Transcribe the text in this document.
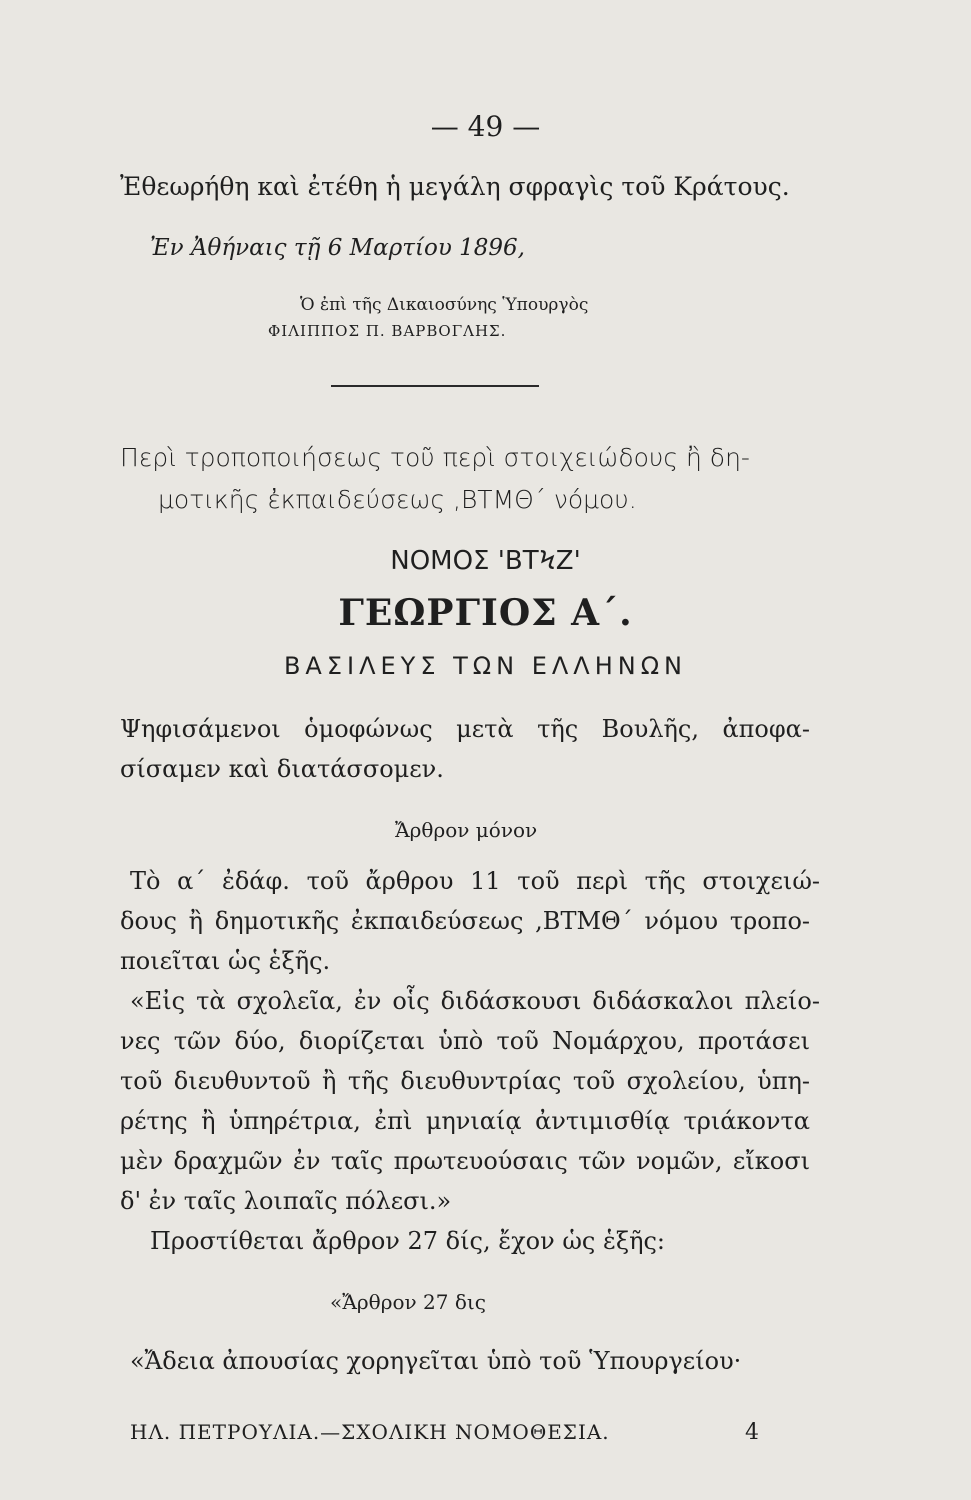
— 49 —
Ἐθεωρήθη καὶ ἐτέθη ἡ μεγάλη σφραγὶς τοῦ Κράτους.
Ἐν Ἀθήναις τῇ 6 Μαρτίου 1896,
Ὁ ἐπὶ τῆς Δικαιοσύνης Ὑπουργὸς
ΦΙΛΙΠΠΟΣ Π. ΒΑΡΒΟΓΛΗΣ.
Περὶ τροποποιήσεως τοῦ περὶ στοιχειώδους ἢ δη-
μοτικῆς ἐκπαιδεύσεως ,ΒΤΜΘ΄ νόμου.
ΝΟΜΟΣ 'ΒΤϞΖ'
ΓΕΩΡΓΙΟΣ Α΄.
ΒΑΣΙΛΕΥΣ ΤΩΝ ΕΛΛΗΝΩΝ
Ψηφισάμενοι ὁμοφώνως μετὰ τῆς Βουλῆς, ἀποφα-
σίσαμεν καὶ διατάσσομεν.
Ἄρθρον μόνον
Τὸ α΄ ἐδάφ. τοῦ ἄρθρου 11 τοῦ περὶ τῆς στοιχειώ-
δους ἢ δημοτικῆς ἐκπαιδεύσεως ,ΒΤΜΘ΄ νόμου τροπο-
ποιεῖται ὡς ἑξῆς.
«Εἰς τὰ σχολεῖα, ἐν οἷς διδάσκουσι διδάσκαλοι πλείο-
νες τῶν δύο, διορίζεται ὑπὸ τοῦ Νομάρχου, προτάσει
τοῦ διευθυντοῦ ἢ τῆς διευθυντρίας τοῦ σχολείου, ὑπη-
ρέτης ἢ ὑπηρέτρια, ἐπὶ μηνιαίᾳ ἀντιμισθίᾳ τριάκοντα
μὲν δραχμῶν ἐν ταῖς πρωτευούσαις τῶν νομῶν, εἴκοσι
δ' ἐν ταῖς λοιπαῖς πόλεσι.»
Προστίθεται ἄρθρον 27 δίς, ἔχον ὡς ἑξῆς:
«Ἄρθρον 27 δις
«Ἄδεια ἀπουσίας χορηγεῖται ὑπὸ τοῦ Ὑπουργείου·
ΗΛ. ΠΕΤΡΟΥΛΙΑ.—ΣΧΟΛΙΚΗ ΝΟΜΟΘΕΣΙΑ.	4
